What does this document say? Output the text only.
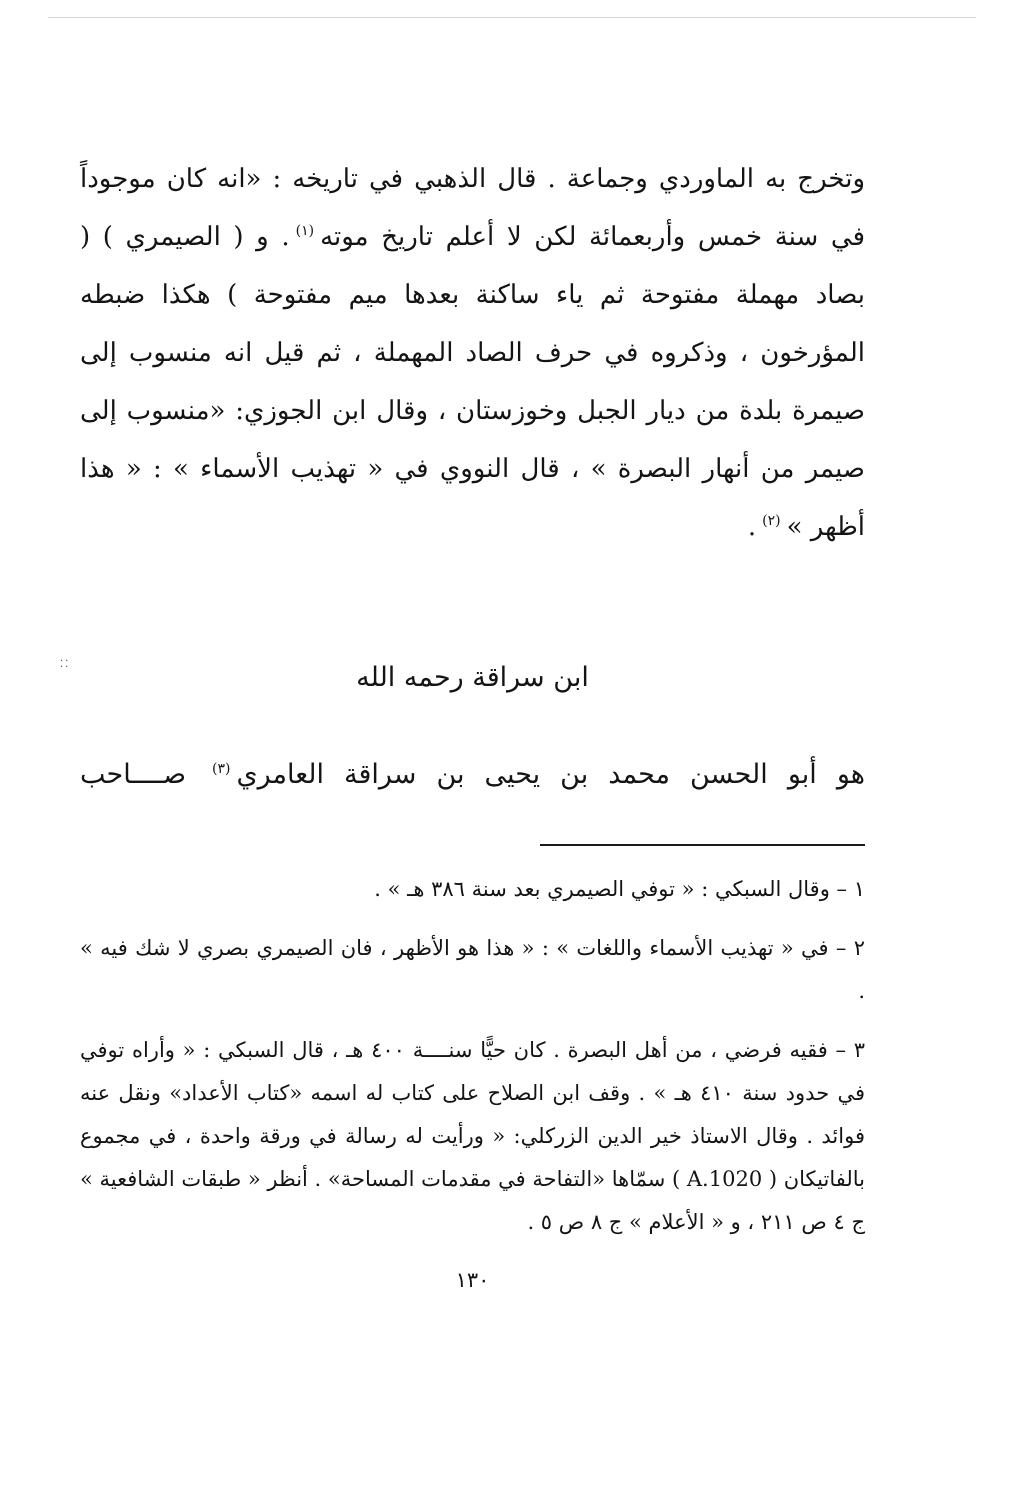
⁚⁚

وتخرج به الماوردي وجماعة . قال الذهبي في تاريخه : «انه كان موجوداً في سنة خمس وأربعمائة لكن لا أعلم تاريخ موته$^{(١)}$. و ( الصيمري ) ( بصاد مهملة مفتوحة ثم ياء ساكنة بعدها ميم مفتوحة ) هكذا ضبطه المؤرخون ، وذكروه في حرف الصاد المهملة ، ثم قيل انه منسوب إلى صيمرة بلدة من ديار الجبل وخوزستان ، وقال ابن الجوزي: «منسوب إلى صيمر من أنهار البصرة » ، قال النووي في « تهذيب الأسماء » : « هذا أظهر »$^{(٢)}$.

ابن سراقة رحمه الله

هو أبو الحسن محمد بن يحيى بن سراقة العامري$^{(٣)}$ صــــاحب

١ – وقال السبكي : « توفي الصيمري بعد سنة ٣٨٦ هـ » .

٢ – في « تهذيب الأسماء واللغات » : « هذا هو الأظهر ، فان الصيمري بصري لا شك فيه » .

٣ – فقيه فرضي ، من أهل البصرة . كان حيًّا سنــــة ٤٠٠ هـ ، قال السبكي : « وأراه توفي في حدود سنة ٤١٠ هـ » . وقف ابن الصلاح على كتاب له اسمه «كتاب الأعداد» ونقل عنه فوائد . وقال الاستاذ خير الدين الزركلي: « ورأيت له رسالة في ورقة واحدة ، في مجموع بالفاتيكان ( A.1020 ) سمّاها «التفاحة في مقدمات المساحة» . أنظر « طبقات الشافعية » ج ٤ ص ٢١١ ، و « الأعلام » ج ٨ ص ٥ .

١٣٠
